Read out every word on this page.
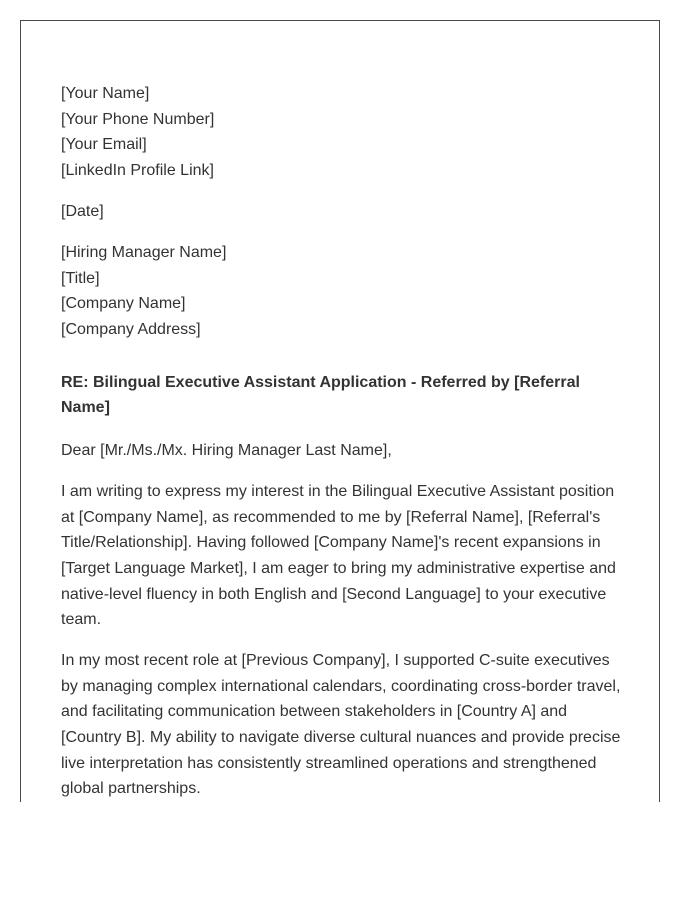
[Your Name]
[Your Phone Number]
[Your Email]
[LinkedIn Profile Link]
[Date]
[Hiring Manager Name]
[Title]
[Company Name]
[Company Address]
RE: Bilingual Executive Assistant Application - Referred by [Referral
Name]
Dear [Mr./Ms./Mx. Hiring Manager Last Name],
I am writing to express my interest in the Bilingual Executive Assistant position
at [Company Name], as recommended to me by [Referral Name], [Referral's
Title/Relationship]. Having followed [Company Name]'s recent expansions in
[Target Language Market], I am eager to bring my administrative expertise and
native-level fluency in both English and [Second Language] to your executive
team.
In my most recent role at [Previous Company], I supported C-suite executives
by managing complex international calendars, coordinating cross-border travel,
and facilitating communication between stakeholders in [Country A] and
[Country B]. My ability to navigate diverse cultural nuances and provide precise
live interpretation has consistently streamlined operations and strengthened
global partnerships.
